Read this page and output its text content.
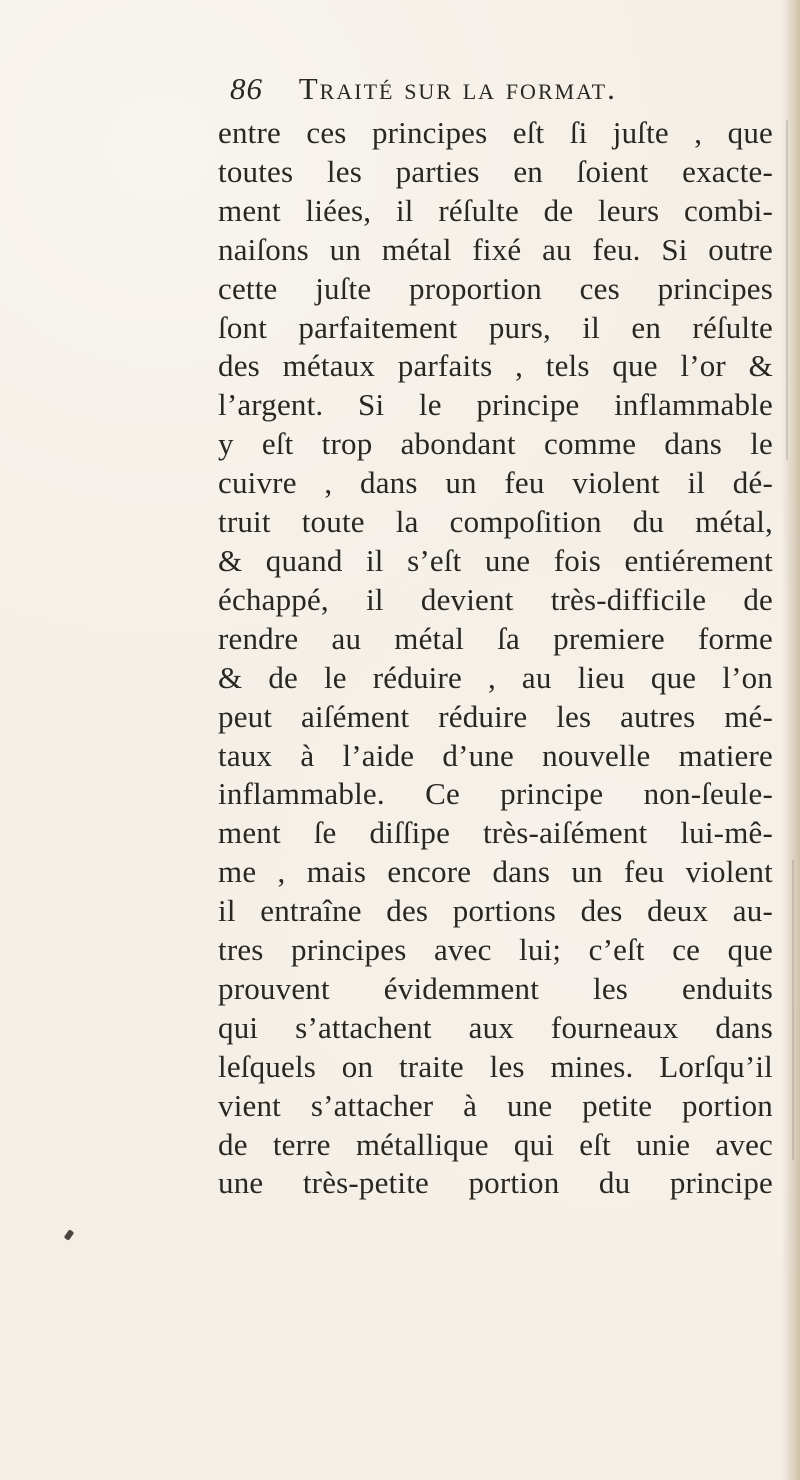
86 Traité sur la format.
entre ces principes eſt ſi juſte , que
toutes les parties en ſoient exacte-
ment liées, il réſulte de leurs combi-
naiſons un métal fixé au feu. Si outre
cette juſte proportion ces principes
ſont parfaitement purs, il en réſulte
des métaux parfaits , tels que l’or &
l’argent. Si le principe inflammable
y eſt trop abondant comme dans le
cuivre , dans un feu violent il dé-
truit toute la compoſition du métal,
& quand il s’eſt une fois entiérement
échappé, il devient très-difficile de
rendre au métal ſa premiere forme
& de le réduire , au lieu que l’on
peut aiſément réduire les autres mé-
taux à l’aide d’une nouvelle matiere
inflammable. Ce principe non-ſeule-
ment ſe diſſipe très-aiſément lui-mê-
me , mais encore dans un feu violent
il entraîne des portions des deux au-
tres principes avec lui; c’eſt ce que
prouvent évidemment les enduits
qui s’attachent aux fourneaux dans
leſquels on traite les mines. Lorſqu’il
vient s’attacher à une petite portion
de terre métallique qui eſt unie avec
une très-petite portion du principe
